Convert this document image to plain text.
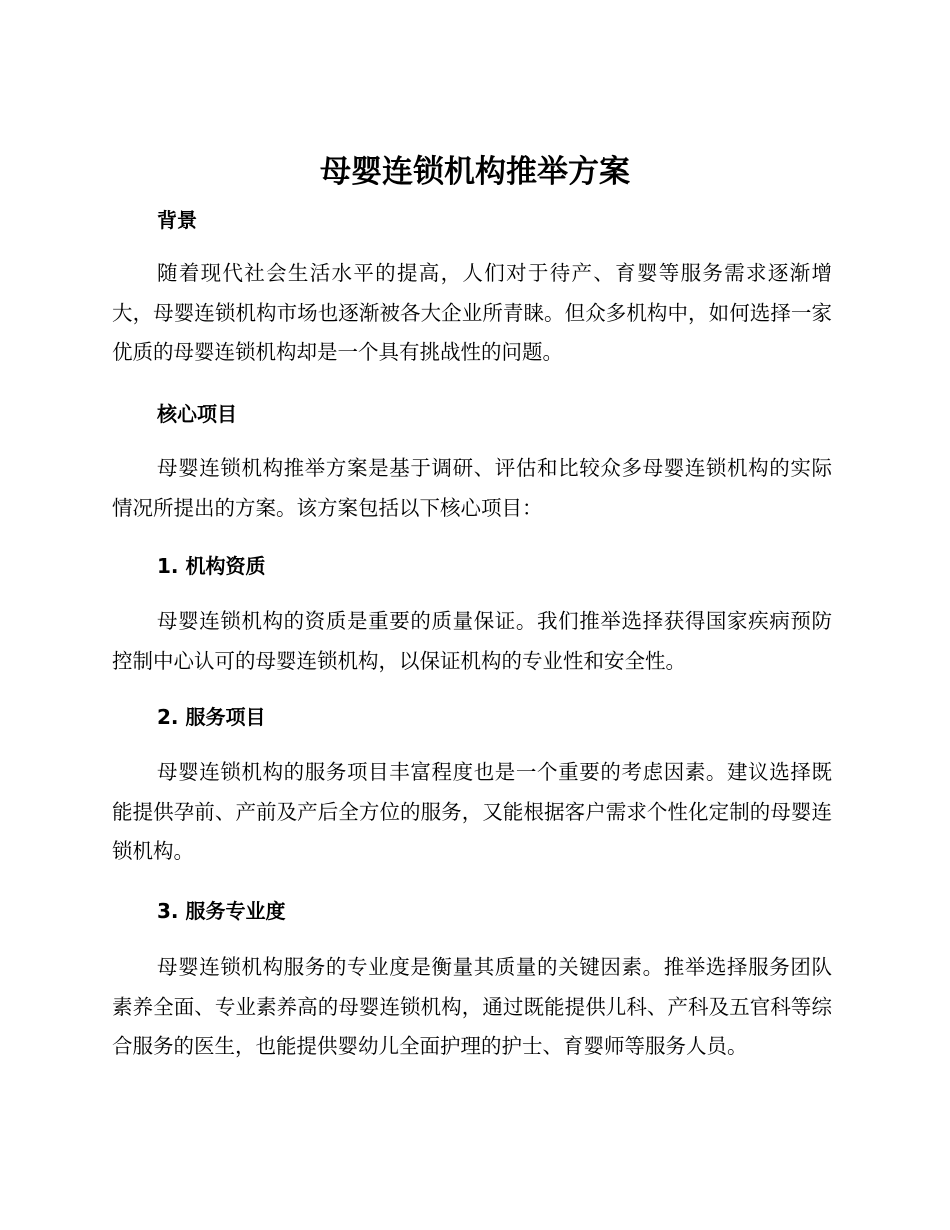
母婴连锁机构推举方案
背景

随着现代社会生活水平的提高，人们对于待产、育婴等服务需求逐渐增大，母婴连锁机构市场也逐渐被各大企业所青睐。但众多机构中，如何选择一家优质的母婴连锁机构却是一个具有挑战性的问题。

核心项目

母婴连锁机构推举方案是基于调研、评估和比较众多母婴连锁机构的实际情况所提出的方案。该方案包括以下核心项目：

1. 机构资质

母婴连锁机构的资质是重要的质量保证。我们推举选择获得国家疾病预防控制中心认可的母婴连锁机构，以保证机构的专业性和安全性。

2. 服务项目

母婴连锁机构的服务项目丰富程度也是一个重要的考虑因素。建议选择既能提供孕前、产前及产后全方位的服务，又能根据客户需求个性化定制的母婴连锁机构。

3. 服务专业度

母婴连锁机构服务的专业度是衡量其质量的关键因素。推举选择服务团队素养全面、专业素养高的母婴连锁机构，通过既能提供儿科、产科及五官科等综合服务的医生，也能提供婴幼儿全面护理的护士、育婴师等服务人员。
